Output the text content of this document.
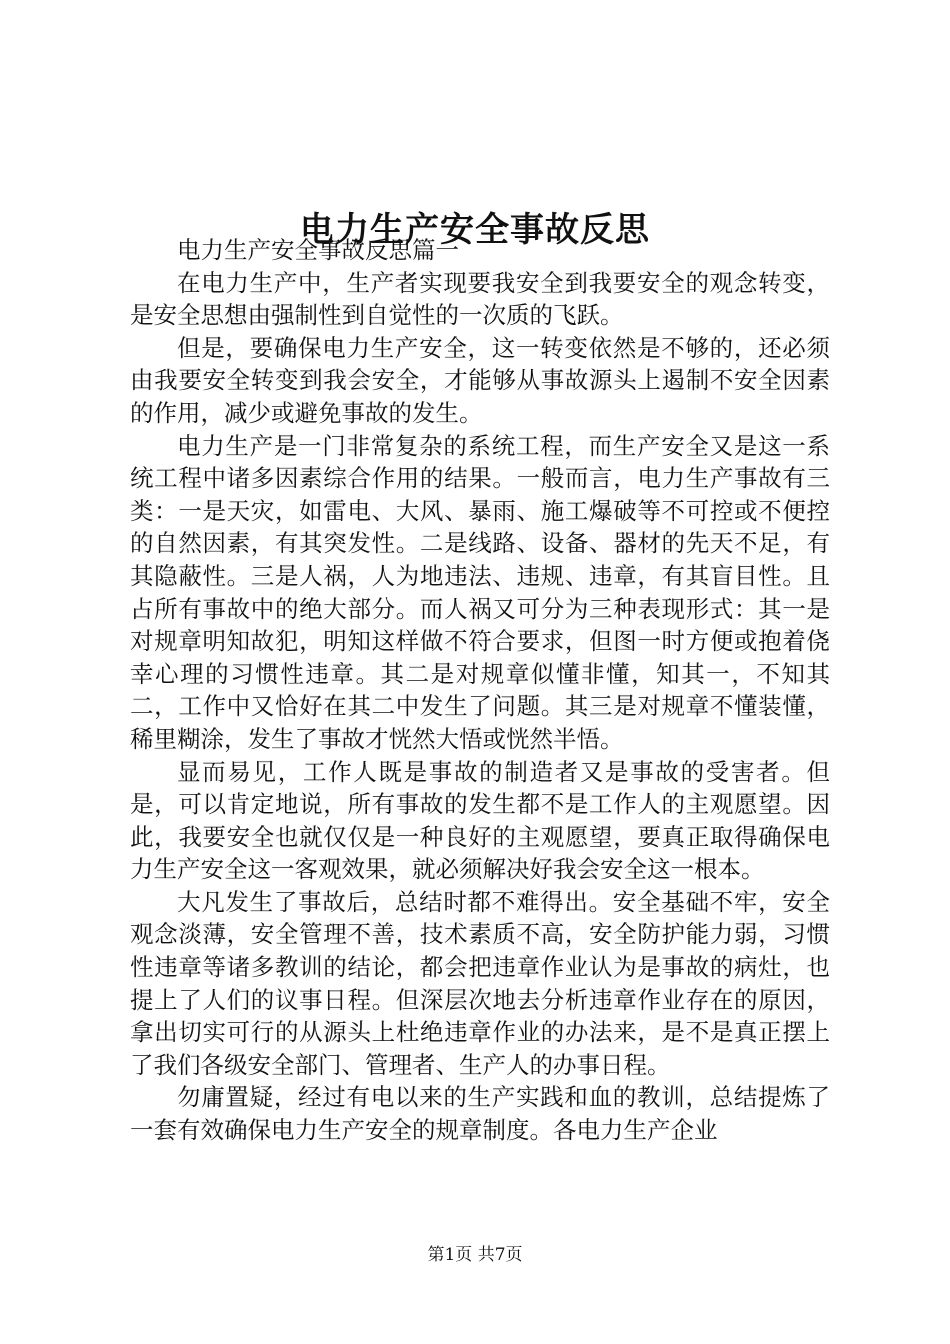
电力生产安全事故反思

电力生产安全事故反思篇一

在电力生产中，生产者实现要我安全到我要安全的观念转变，是安全思想由强制性到自觉性的一次质的飞跃。

但是，要确保电力生产安全，这一转变依然是不够的，还必须由我要安全转变到我会安全，才能够从事故源头上遏制不安全因素的作用，减少或避免事故的发生。

电力生产是一门非常复杂的系统工程，而生产安全又是这一系统工程中诸多因素综合作用的结果。一般而言，电力生产事故有三类：一是天灾，如雷电、大风、暴雨、施工爆破等不可控或不便控的自然因素，有其突发性。二是线路、设备、器材的先天不足，有其隐蔽性。三是人祸，人为地违法、违规、违章，有其盲目性。且占所有事故中的绝大部分。而人祸又可分为三种表现形式：其一是对规章明知故犯，明知这样做不符合要求，但图一时方便或抱着侥幸心理的习惯性违章。其二是对规章似懂非懂，知其一，不知其二，工作中又恰好在其二中发生了问题。其三是对规章不懂装懂，稀里糊涂，发生了事故才恍然大悟或恍然半悟。

显而易见，工作人既是事故的制造者又是事故的受害者。但是，可以肯定地说，所有事故的发生都不是工作人的主观愿望。因此，我要安全也就仅仅是一种良好的主观愿望，要真正取得确保电力生产安全这一客观效果，就必须解决好我会安全这一根本。

大凡发生了事故后，总结时都不难得出。安全基础不牢，安全观念淡薄，安全管理不善，技术素质不高，安全防护能力弱，习惯性违章等诸多教训的结论，都会把违章作业认为是事故的病灶，也提上了人们的议事日程。但深层次地去分析违章作业存在的原因，拿出切实可行的从源头上杜绝违章作业的办法来，是不是真正摆上了我们各级安全部门、管理者、生产人的办事日程。

勿庸置疑，经过有电以来的生产实践和血的教训，总结提炼了一套有效确保电力生产安全的规章制度。各电力生产企业

第1页 共7页
